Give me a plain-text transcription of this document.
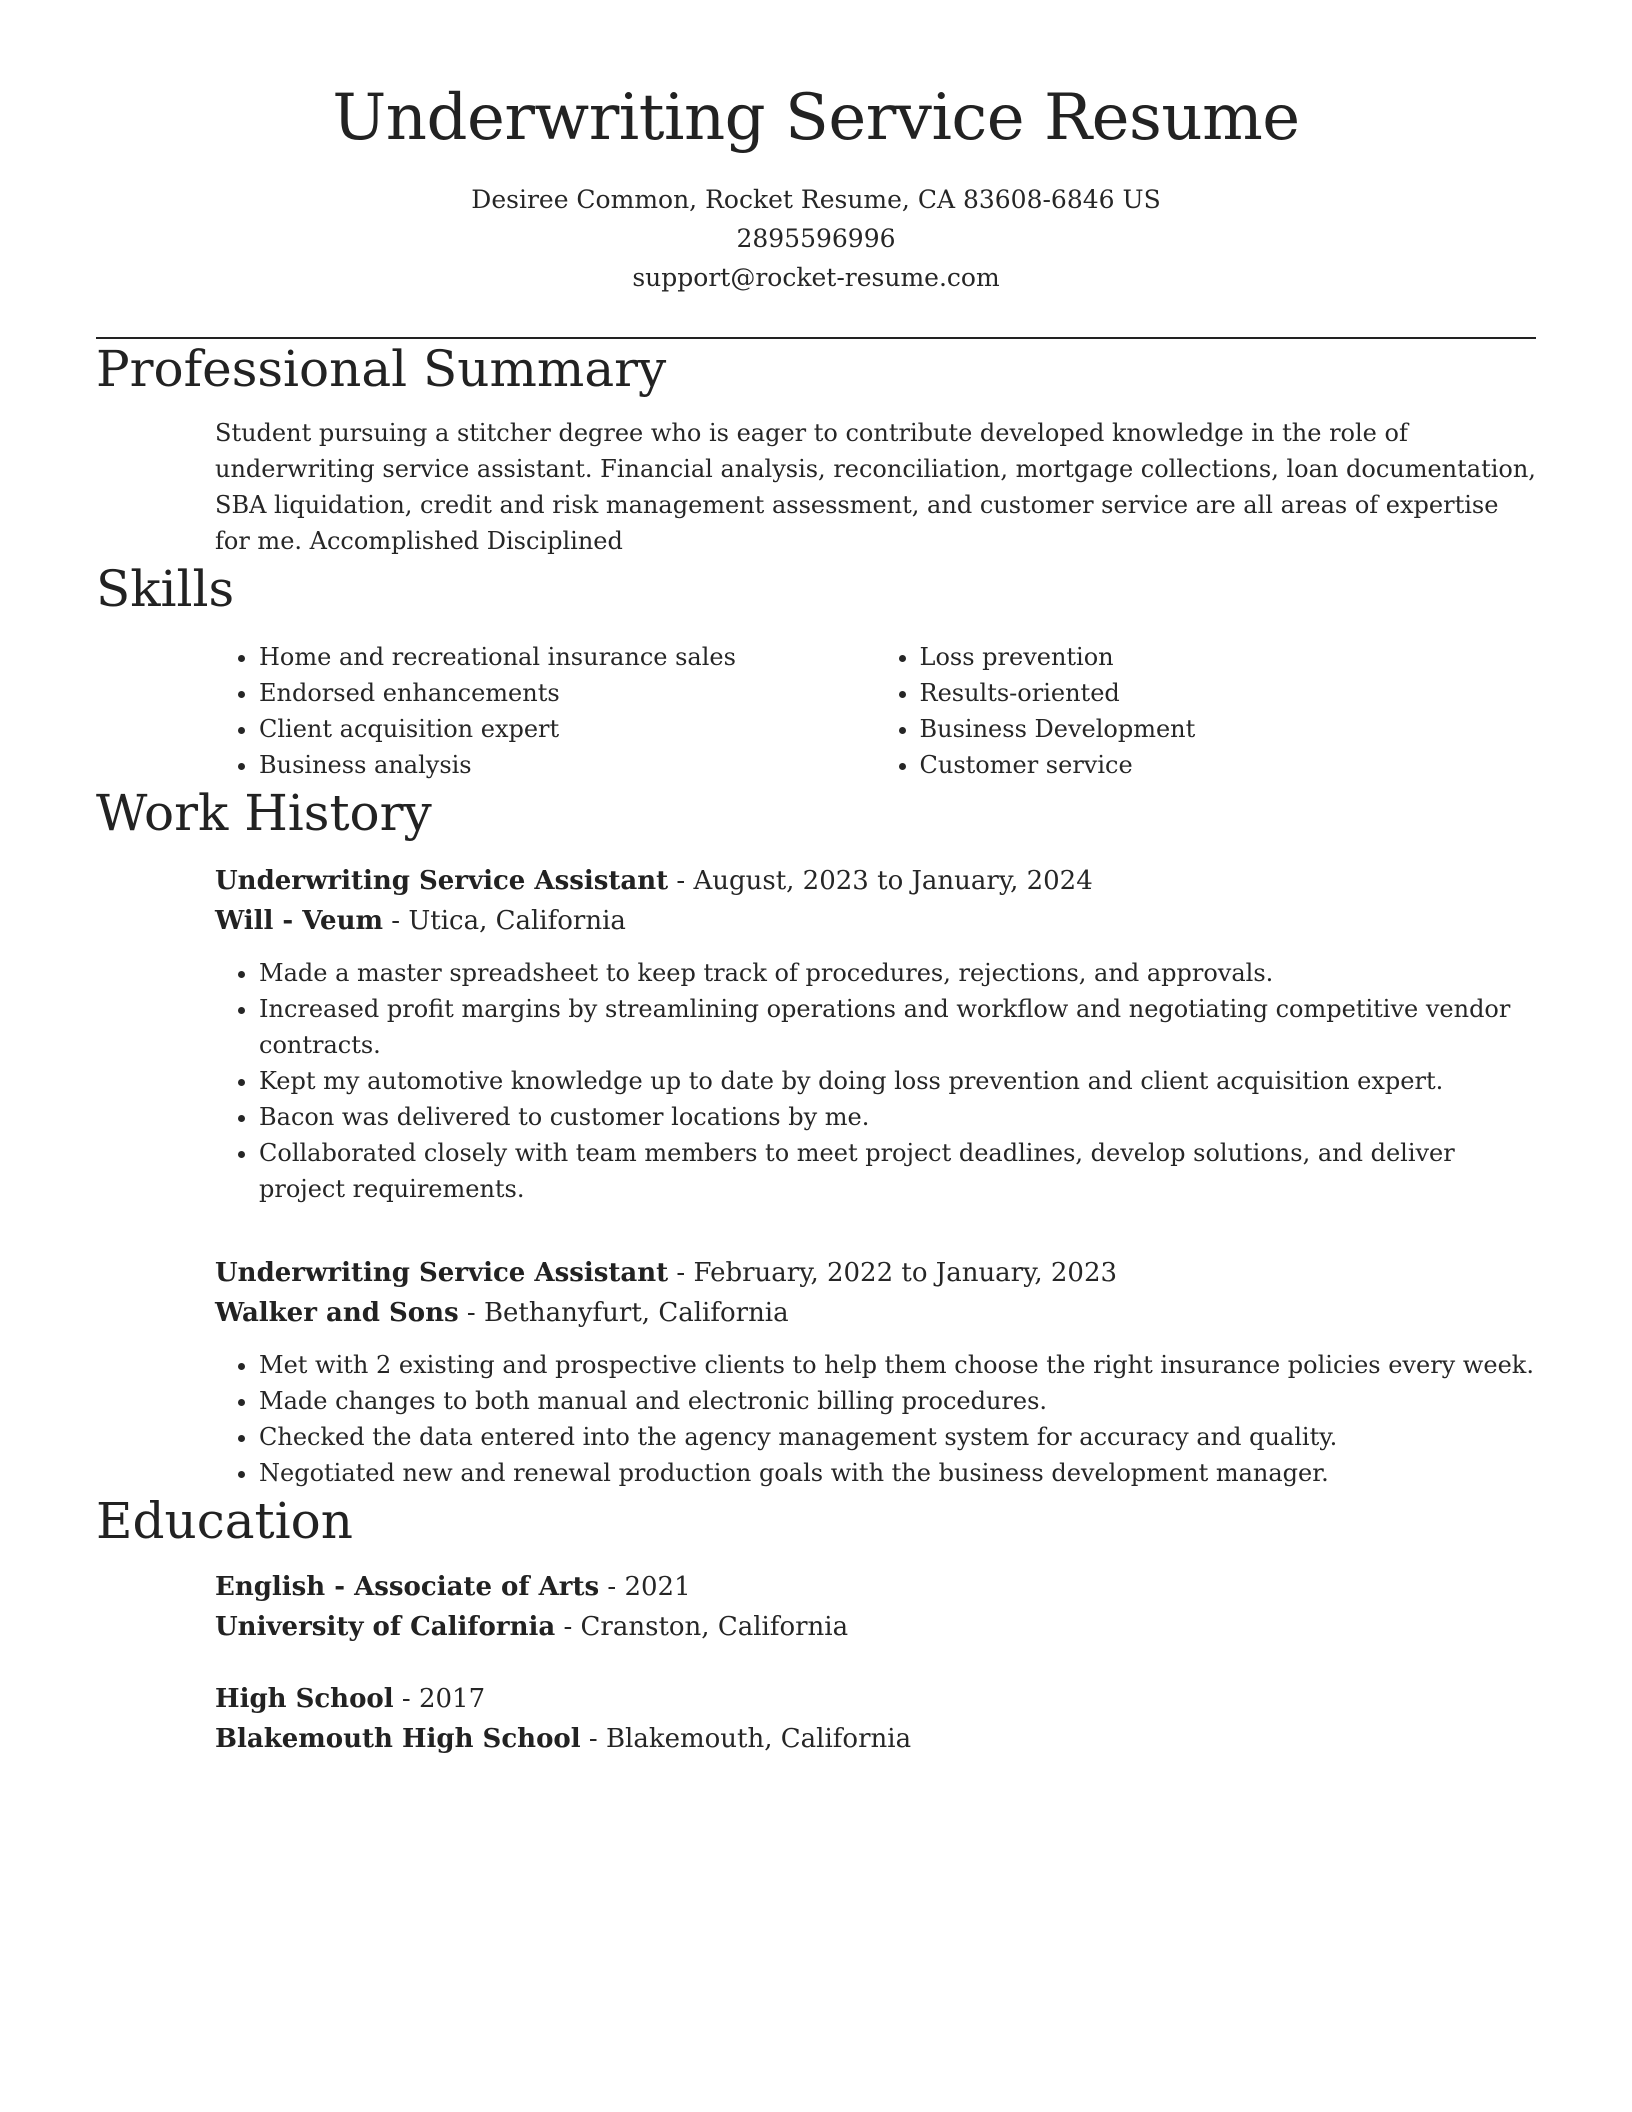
Underwriting Service Resume
Desiree Common, Rocket Resume, CA 83608-6846 US
2895596996
support@rocket-resume.com
Professional Summary
Student pursuing a stitcher degree who is eager to contribute developed knowledge in the role of underwriting service assistant. Financial analysis, reconciliation, mortgage collections, loan documentation, SBA liquidation, credit and risk management assessment, and customer service are all areas of expertise for me. Accomplished Disciplined
Skills
• Home and recreational insurance sales
• Endorsed enhancements
• Client acquisition expert
• Business analysis
• Loss prevention
• Results-oriented
• Business Development
• Customer service
Work History
Underwriting Service Assistant - August, 2023 to January, 2024
Will - Veum - Utica, California
• Made a master spreadsheet to keep track of procedures, rejections, and approvals.
• Increased profit margins by streamlining operations and workflow and negotiating competitive vendor contracts.
• Kept my automotive knowledge up to date by doing loss prevention and client acquisition expert.
• Bacon was delivered to customer locations by me.
• Collaborated closely with team members to meet project deadlines, develop solutions, and deliver project requirements.
Underwriting Service Assistant - February, 2022 to January, 2023
Walker and Sons - Bethanyfurt, California
• Met with 2 existing and prospective clients to help them choose the right insurance policies every week.
• Made changes to both manual and electronic billing procedures.
• Checked the data entered into the agency management system for accuracy and quality.
• Negotiated new and renewal production goals with the business development manager.
Education
English - Associate of Arts - 2021
University of California - Cranston, California
High School - 2017
Blakemouth High School - Blakemouth, California
